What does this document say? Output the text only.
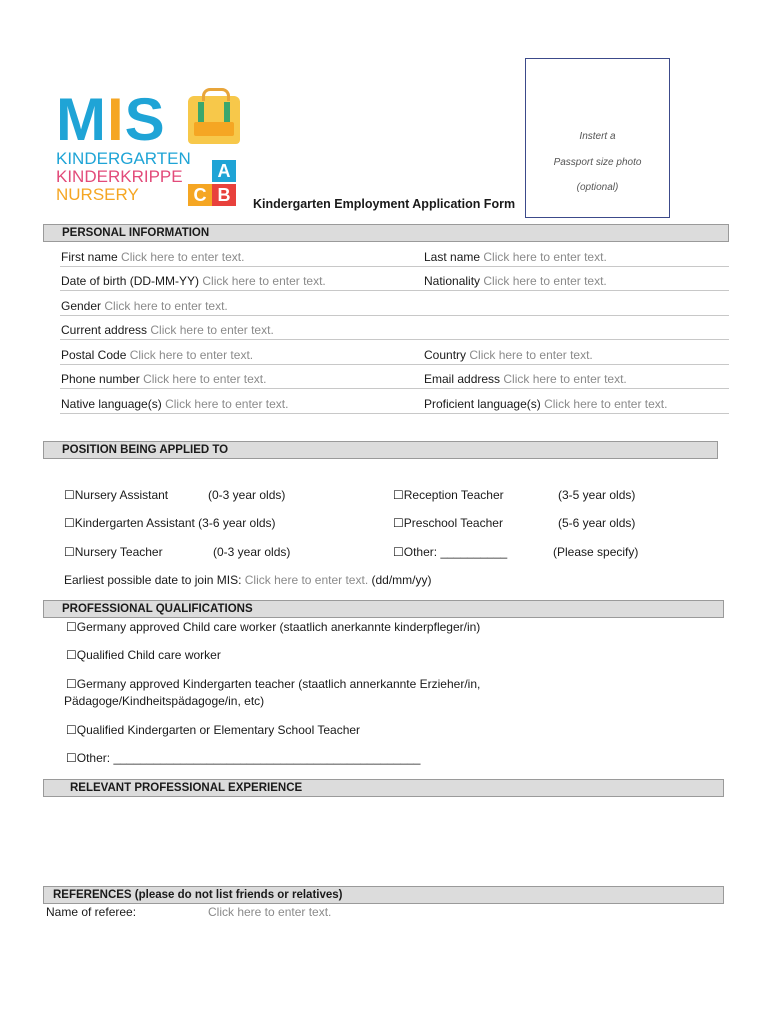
MIS
KINDERGARTEN
KINDERKRIPPE
NURSERY
A
C B
Instert a
Passport size photo
(optional)
Kindergarten Employment Application Form
PERSONAL INFORMATION
First name Click here to enter text.	Last name Click here to enter text.
Date of birth (DD-MM-YY) Click here to enter text.	Nationality Click here to enter text.
Gender Click here to enter text.
Current address Click here to enter text.
Postal Code Click here to enter text.	Country Click here to enter text.
Phone number Click here to enter text.	Email address Click here to enter text.
Native language(s) Click here to enter text.	Proficient language(s) Click here to enter text.
POSITION BEING APPLIED TO
☐Nursery Assistant	(0-3 year olds)	☐Reception Teacher	(3-5 year olds)
☐Kindergarten Assistant (3-6 year olds)	☐Preschool Teacher	(5-6 year olds)
☐Nursery Teacher	(0-3 year olds)	☐Other: __________	(Please specify)
Earliest possible date to join MIS: Click here to enter text. (dd/mm/yy)
PROFESSIONAL QUALIFICATIONS
☐Germany approved Child care worker (staatlich anerkannte kinderpfleger/in)
☐Qualified Child care worker
☐Germany approved Kindergarten teacher (staatlich annerkannte Erzieher/in,
Pädagoge/Kindheitspädagoge/in, etc)
☐Qualified Kindergarten or Elementary School Teacher
☐Other: ______________________________________________
RELEVANT PROFESSIONAL EXPERIENCE
REFERENCES (please do not list friends or relatives)
Name of referee:	Click here to enter text.
